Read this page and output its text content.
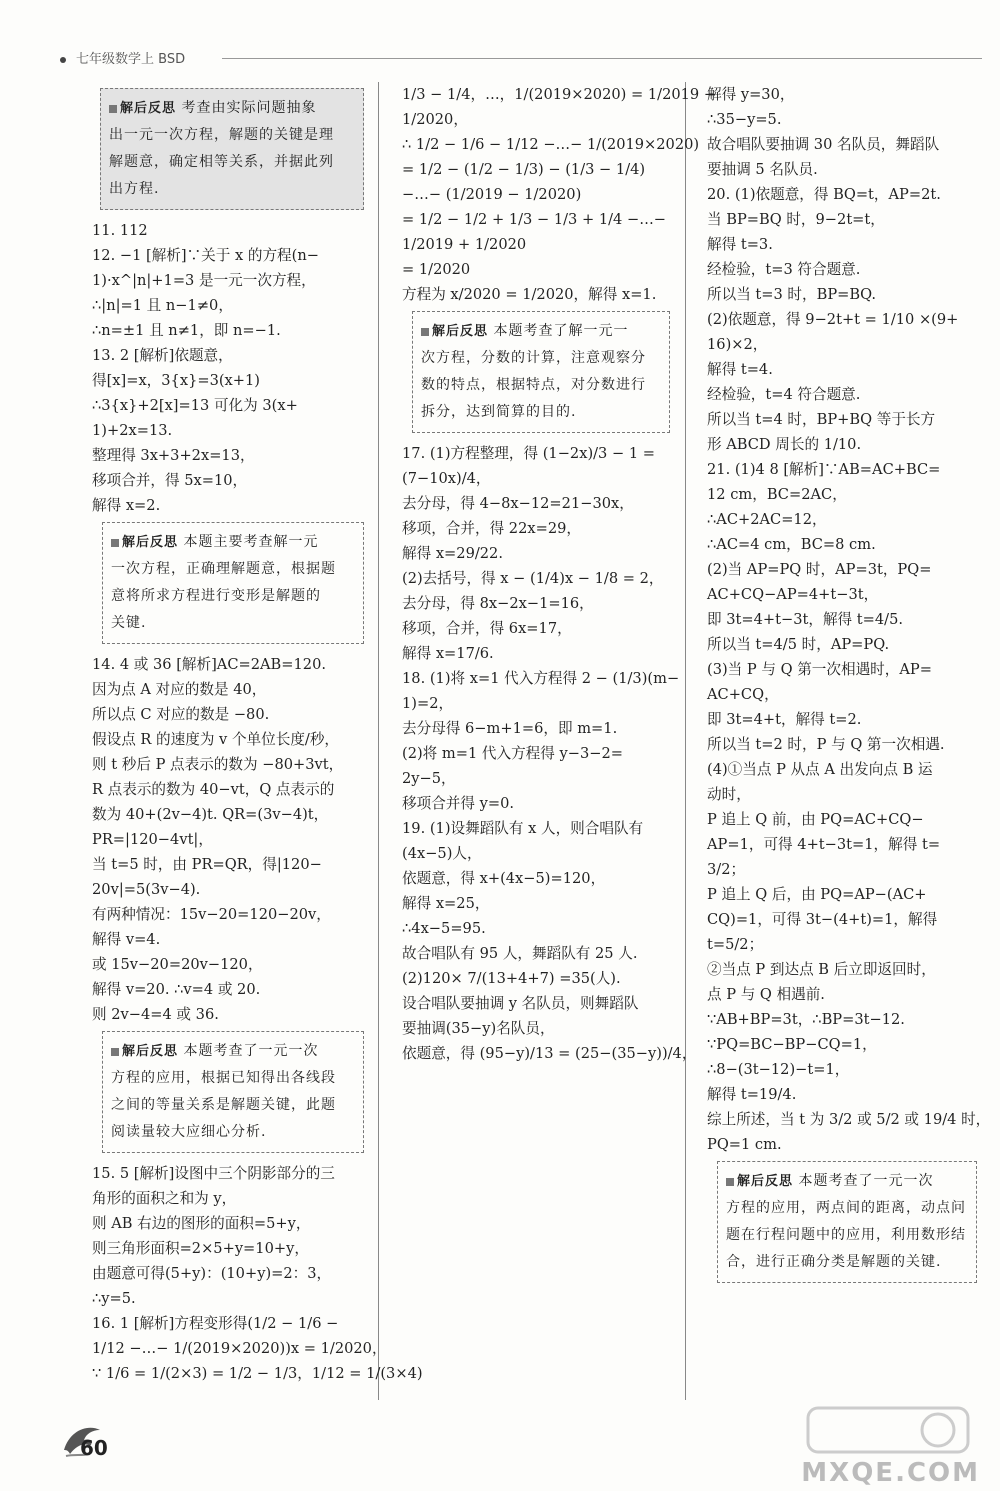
七年级数学上 BSD
解后反思 考查由实际问题抽象
出一元一次方程，解题的关键是理
解题意，确定相等关系，并据此列
出方程.
11. 112
12. −1 [解析]∵关于 x 的方程(n−
1)·x^|n|+1=3 是一元一次方程，
∴|n|=1 且 n−1≠0，
∴n=±1 且 n≠1，即 n=−1.
13. 2 [解析]依题意，
得[x]=x，3{x}=3(x+1)
∴3{x}+2[x]=13 可化为 3(x+
1)+2x=13.
整理得 3x+3+2x=13，
移项合并，得 5x=10，
解得 x=2.
解后反思 本题主要考查解一元
一次方程，正确理解题意，根据题
意将所求方程进行变形是解题的
关键.
14. 4 或 36 [解析]AC=2AB=120.
因为点 A 对应的数是 40，
所以点 C 对应的数是 −80.
假设点 R 的速度为 v 个单位长度/秒，
则 t 秒后 P 点表示的数为 −80+3vt，
R 点表示的数为 40−vt，Q 点表示的
数为 40+(2v−4)t. QR=(3v−4)t，
PR=|120−4vt|，
当 t=5 时，由 PR=QR，得|120−
20v|=5(3v−4).
有两种情况：15v−20=120−20v，
解得 v=4.
或 15v−20=20v−120，
解得 v=20. ∴v=4 或 20.
则 2v−4=4 或 36.
解后反思 本题考查了一元一次
方程的应用，根据已知得出各线段
之间的等量关系是解题关键，此题
阅读量较大应细心分析.
15. 5 [解析]设图中三个阴影部分的三
角形的面积之和为 y，
则 AB 右边的图形的面积=5+y，
则三角形面积=2×5+y=10+y，
由题意可得(5+y)：(10+y)=2：3，
∴y=5.
16. 1 [解析]方程变形得(1/2 − 1/6 −
1/12 −…− 1/(2019×2020))x = 1/2020，
∵ 1/6 = 1/(2×3) = 1/2 − 1/3，1/12 = 1/(3×4)
1/3 − 1/4，…，1/(2019×2020) = 1/2019 −
1/2020，
∴ 1/2 − 1/6 − 1/12 −…− 1/(2019×2020)
= 1/2 − (1/2 − 1/3) − (1/3 − 1/4)
−…− (1/2019 − 1/2020)
= 1/2 − 1/2 + 1/3 − 1/3 + 1/4 −…−
1/2019 + 1/2020
= 1/2020
方程为 x/2020 = 1/2020，解得 x=1.
解后反思 本题考查了解一元一
次方程，分数的计算，注意观察分
数的特点，根据特点，对分数进行
拆分，达到简算的目的.
17. (1)方程整理，得 (1−2x)/3 − 1 =
(7−10x)/4，
去分母，得 4−8x−12=21−30x，
移项，合并，得 22x=29，
解得 x=29/22.
(2)去括号，得 x − (1/4)x − 1/8 = 2，
去分母，得 8x−2x−1=16，
移项，合并，得 6x=17，
解得 x=17/6.
18. (1)将 x=1 代入方程得 2 − (1/3)(m−
1)=2，
去分母得 6−m+1=6，即 m=1.
(2)将 m=1 代入方程得 y−3−2=
2y−5，
移项合并得 y=0.
19. (1)设舞蹈队有 x 人，则合唱队有
(4x−5)人，
依题意，得 x+(4x−5)=120，
解得 x=25，
∴4x−5=95.
故合唱队有 95 人，舞蹈队有 25 人.
(2)120× 7/(13+4+7) =35(人).
设合唱队要抽调 y 名队员，则舞蹈队
要抽调(35−y)名队员，
依题意，得 (95−y)/13 = (25−(35−y))/4，
解得 y=30，
∴35−y=5.
故合唱队要抽调 30 名队员，舞蹈队
要抽调 5 名队员.
20. (1)依题意，得 BQ=t，AP=2t.
当 BP=BQ 时，9−2t=t，
解得 t=3.
经检验，t=3 符合题意.
所以当 t=3 时，BP=BQ.
(2)依题意，得 9−2t+t = 1/10 ×(9+
16)×2，
解得 t=4.
经检验，t=4 符合题意.
所以当 t=4 时，BP+BQ 等于长方
形 ABCD 周长的 1/10.
21. (1)4 8 [解析]∵AB=AC+BC=
12 cm，BC=2AC，
∴AC+2AC=12，
∴AC=4 cm，BC=8 cm.
(2)当 AP=PQ 时，AP=3t，PQ=
AC+CQ−AP=4+t−3t，
即 3t=4+t−3t，解得 t=4/5.
所以当 t=4/5 时，AP=PQ.
(3)当 P 与 Q 第一次相遇时，AP=
AC+CQ，
即 3t=4+t，解得 t=2.
所以当 t=2 时，P 与 Q 第一次相遇.
(4)①当点 P 从点 A 出发向点 B 运
动时，
P 追上 Q 前，由 PQ=AC+CQ−
AP=1，可得 4+t−3t=1，解得 t=
3/2；
P 追上 Q 后，由 PQ=AP−(AC+
CQ)=1，可得 3t−(4+t)=1，解得
t=5/2；
②当点 P 到达点 B 后立即返回时，
点 P 与 Q 相遇前.
∵AB+BP=3t，∴BP=3t−12.
∵PQ=BC−BP−CQ=1，
∴8−(3t−12)−t=1，
解得 t=19/4.
综上所述，当 t 为 3/2 或 5/2 或 19/4 时，
PQ=1 cm.
解后反思 本题考查了一元一次
方程的应用，两点间的距离，动点问
题在行程问题中的应用，利用数形结
合，进行正确分类是解题的关键.
60
MXQE.COM
